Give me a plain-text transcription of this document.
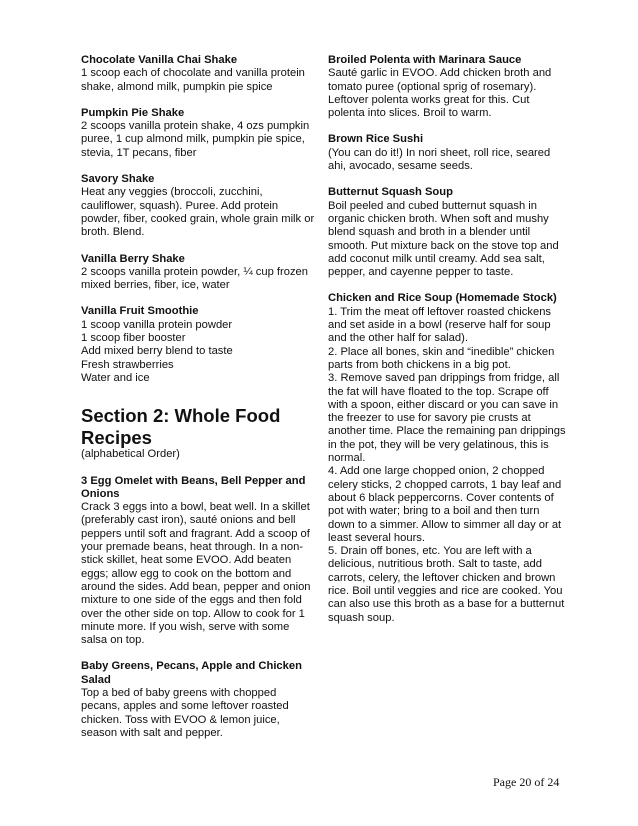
Chocolate Vanilla Chai Shake

1 scoop each of chocolate and vanilla protein shake, almond milk, pumpkin pie spice

Pumpkin Pie Shake

2 scoops vanilla protein shake, 4 ozs pumpkin puree, 1 cup almond milk, pumpkin pie spice, stevia, 1T pecans, fiber

Savory Shake

Heat any veggies (broccoli, zucchini, cauliflower, squash). Puree. Add protein powder, fiber, cooked grain, whole grain milk or broth. Blend.

Vanilla Berry Shake

2 scoops vanilla protein powder, ¼ cup frozen mixed berries, fiber, ice, water

Vanilla Fruit Smoothie

1 scoop vanilla protein powder

1 scoop fiber booster

Add mixed berry blend to taste

Fresh strawberries

Water and ice

Section 2: Whole Food Recipes
(alphabetical Order)

3 Egg Omelet with Beans, Bell Pepper and Onions

Crack 3 eggs into a bowl, beat well. In a skillet (preferably cast iron), sauté onions and bell peppers until soft and fragrant. Add a scoop of your premade beans, heat through. In a non-stick skillet, heat some EVOO. Add beaten eggs; allow egg to cook on the bottom and around the sides. Add bean, pepper and onion mixture to one side of the eggs and then fold over the other side on top. Allow to cook for 1 minute more. If you wish, serve with some salsa on top.

Baby Greens, Pecans, Apple and Chicken Salad

Top a bed of baby greens with chopped pecans, apples and some leftover roasted chicken. Toss with EVOO & lemon juice, season with salt and pepper.

Broiled Polenta with Marinara Sauce

Sauté garlic in EVOO. Add chicken broth and tomato puree (optional sprig of rosemary). Leftover polenta works great for this. Cut polenta into slices. Broil to warm.

Brown Rice Sushi

(You can do it!) In nori sheet, roll rice, seared ahi, avocado, sesame seeds.

Butternut Squash Soup

Boil peeled and cubed butternut squash in organic chicken broth. When soft and mushy blend squash and broth in a blender until smooth. Put mixture back on the stove top and add coconut milk until creamy. Add sea salt, pepper, and cayenne pepper to taste.

Chicken and Rice Soup (Homemade Stock)

1. Trim the meat off leftover roasted chickens and set aside in a bowl (reserve half for soup and the other half for salad).

2. Place all bones, skin and “inedible” chicken parts from both chickens in a big pot.

3. Remove saved pan drippings from fridge, all the fat will have floated to the top. Scrape off with a spoon, either discard or you can save in the freezer to use for savory pie crusts at another time. Place the remaining pan drippings in the pot, they will be very gelatinous, this is normal.

4. Add one large chopped onion, 2 chopped celery sticks, 2 chopped carrots, 1 bay leaf and about 6 black peppercorns. Cover contents of pot with water; bring to a boil and then turn down to a simmer. Allow to simmer all day or at least several hours.

5. Drain off bones, etc. You are left with a delicious, nutritious broth. Salt to taste, add carrots, celery, the leftover chicken and brown rice. Boil until veggies and rice are cooked. You can also use this broth as a base for a butternut squash soup.

Page 20 of 24
